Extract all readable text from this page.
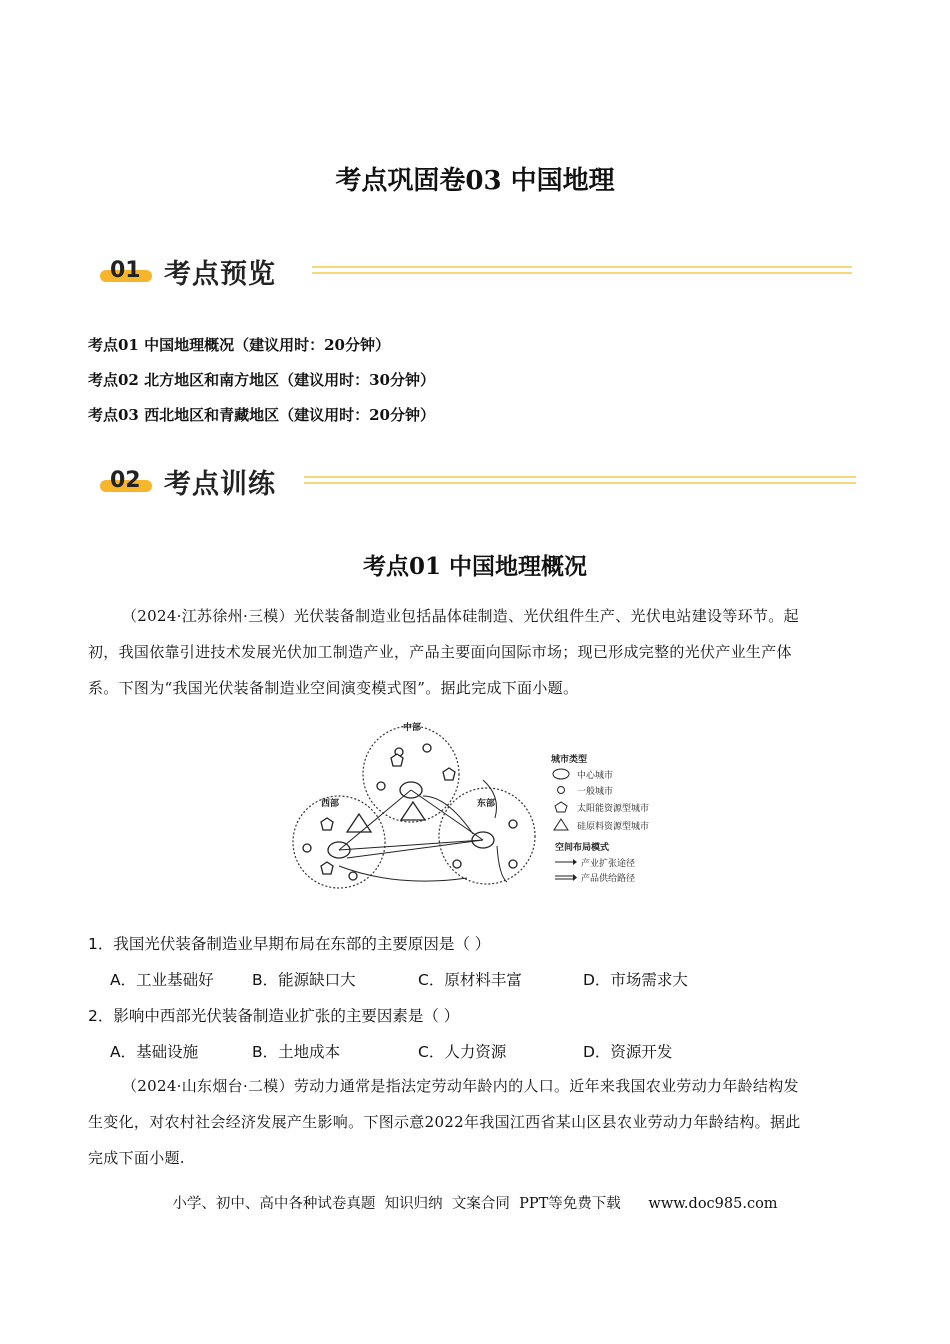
考点巩固卷03 中国地理
01 考点预览
考点01 中国地理概况（建议用时：20分钟）
考点02 北方地区和南方地区（建议用时：30分钟）
考点03 西北地区和青藏地区（建议用时：20分钟）
02 考点训练
考点01 中国地理概况
（2024·江苏徐州·三模）光伏装备制造业包括晶体硅制造、光伏组件生产、光伏电站建设等环节。起
初，我国依靠引进技术发展光伏加工制造产业，产品主要面向国际市场；现已形成完整的光伏产业生产体
系。下图为“我国光伏装备制造业空间演变模式图”。据此完成下面小题。
中部
西部	东部
城市类型
中心城市
一般城市
太阳能资源型城市
硅原料资源型城市
空间布局模式
产业扩张途径
产品供给路径
1．我国光伏装备制造业早期布局在东部的主要原因是（ ）
A．工业基础好 B．能源缺口大	C．原材料丰富	D．市场需求大
2．影响中西部光伏装备制造业扩张的主要因素是（ ）
A．基础设施	B．土地成本	C．人力资源	D．资源开发
（2024·山东烟台·二模）劳动力通常是指法定劳动年龄内的人口。近年来我国农业劳动力年龄结构发
生变化，对农村社会经济发展产生影响。下图示意2022年我国江西省某山区县农业劳动力年龄结构。据此
完成下面小题.
小学、初中、高中各种试卷真题  知识归纳  文案合同  PPT等免费下载      www.doc985.com
